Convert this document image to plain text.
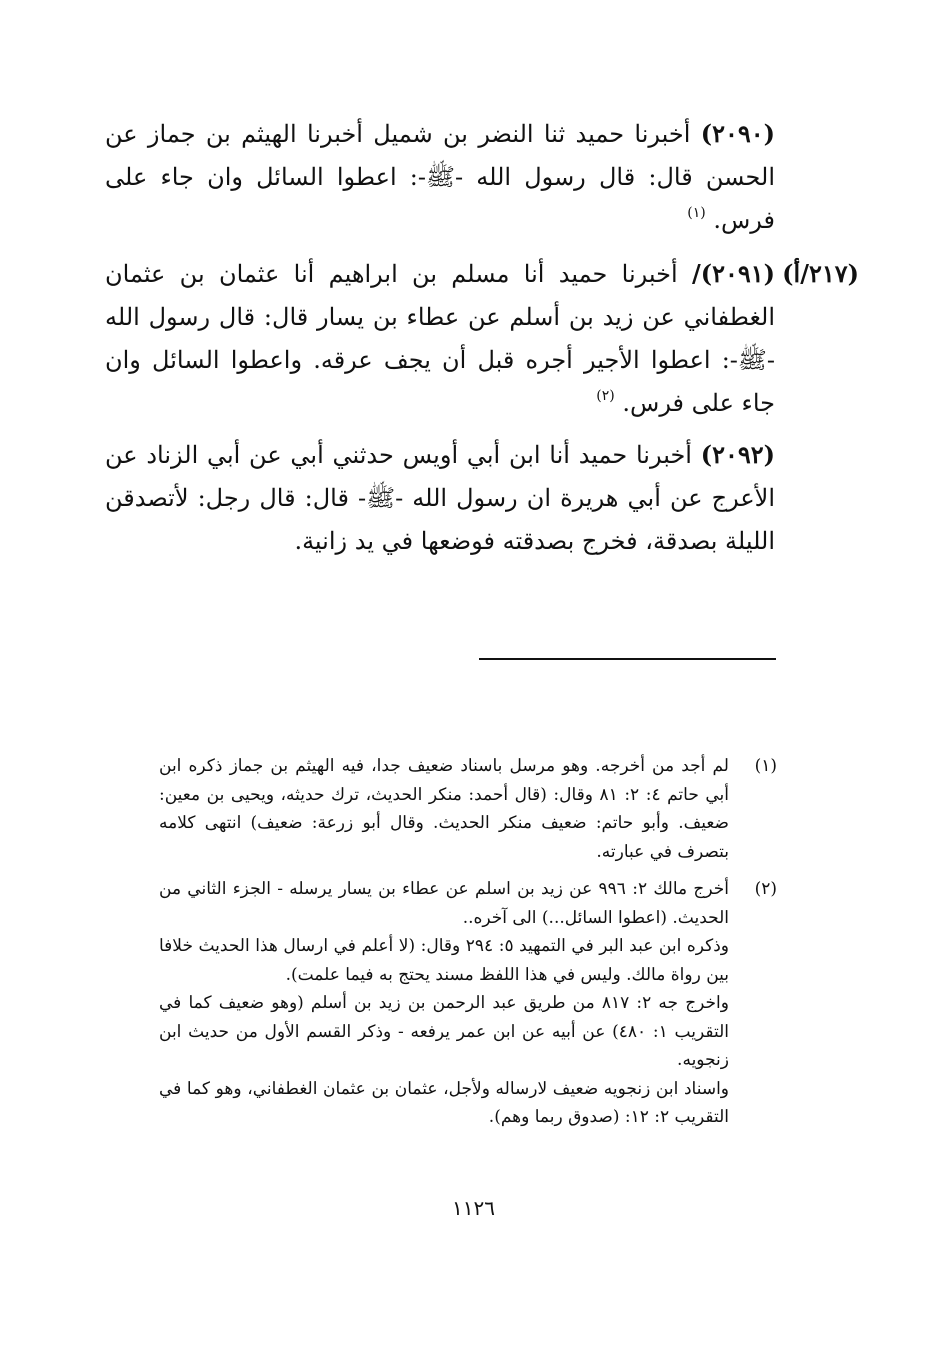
(٢٠٩٠) أخبرنا حميد ثنا النضر بن شميل أخبرنا الهيثم بن جماز عن الحسن قال: قال رسول الله -ﷺ-: اعطوا السائل وان جاء على فرس. $^{(١)}$
(٢١٧/أ)
(٢٠٩١)/ أخبرنا حميد أنا مسلم بن ابراهيم أنا عثمان بن عثمان الغطفاني عن زيد بن أسلم عن عطاء بن يسار قال: قال رسول الله -ﷺ-: اعطوا الأجير أجره قبل أن يجف عرقه. واعطوا السائل وان جاء على فرس. $^{(٢)}$
(٢٠٩٢) أخبرنا حميد أنا ابن أبي أويس حدثني أبي عن أبي الزناد عن الأعرج عن أبي هريرة ان رسول الله -ﷺ- قال: قال رجل: لأتصدقن الليلة بصدقة، فخرج بصدقته فوضعها في يد زانية.
(١)

لم أجد من أخرجه. وهو مرسل باسناد ضعيف جدا، فيه الهيثم بن جماز ذكره ابن أبي حاتم ٤: ٢: ٨١ وقال: (قال أحمد: منكر الحديث، ترك حديثه، ويحيى بن معين: ضعيف. وأبو حاتم: ضعيف منكر الحديث. وقال أبو زرعة: ضعيف) انتهى كلامه بتصرف في عبارته.

(٢)

أخرج مالك ٢: ٩٩٦ عن زيد بن اسلم عن عطاء بن يسار يرسله - الجزء الثاني من الحديث. (اعطوا السائل...) الى آخره..

وذكره ابن عبد البر في التمهيد ٥: ٢٩٤ وقال: (لا أعلم في ارسال هذا الحديث خلافا بين رواة مالك. وليس في هذا اللفظ مسند يحتج به فيما علمت).

واخرج جه ٢: ٨١٧ من طريق عبد الرحمن بن زيد بن أسلم (وهو ضعيف كما في التقريب ١: ٤٨٠) عن أبيه عن ابن عمر يرفعه - وذكر القسم الأول من حديث ابن زنجويه.

واسناد ابن زنجويه ضعيف لارساله ولأجل، عثمان بن عثمان الغطفاني، وهو كما في التقريب ٢: ١٢: (صدوق ربما وهم).

١١٢٦
